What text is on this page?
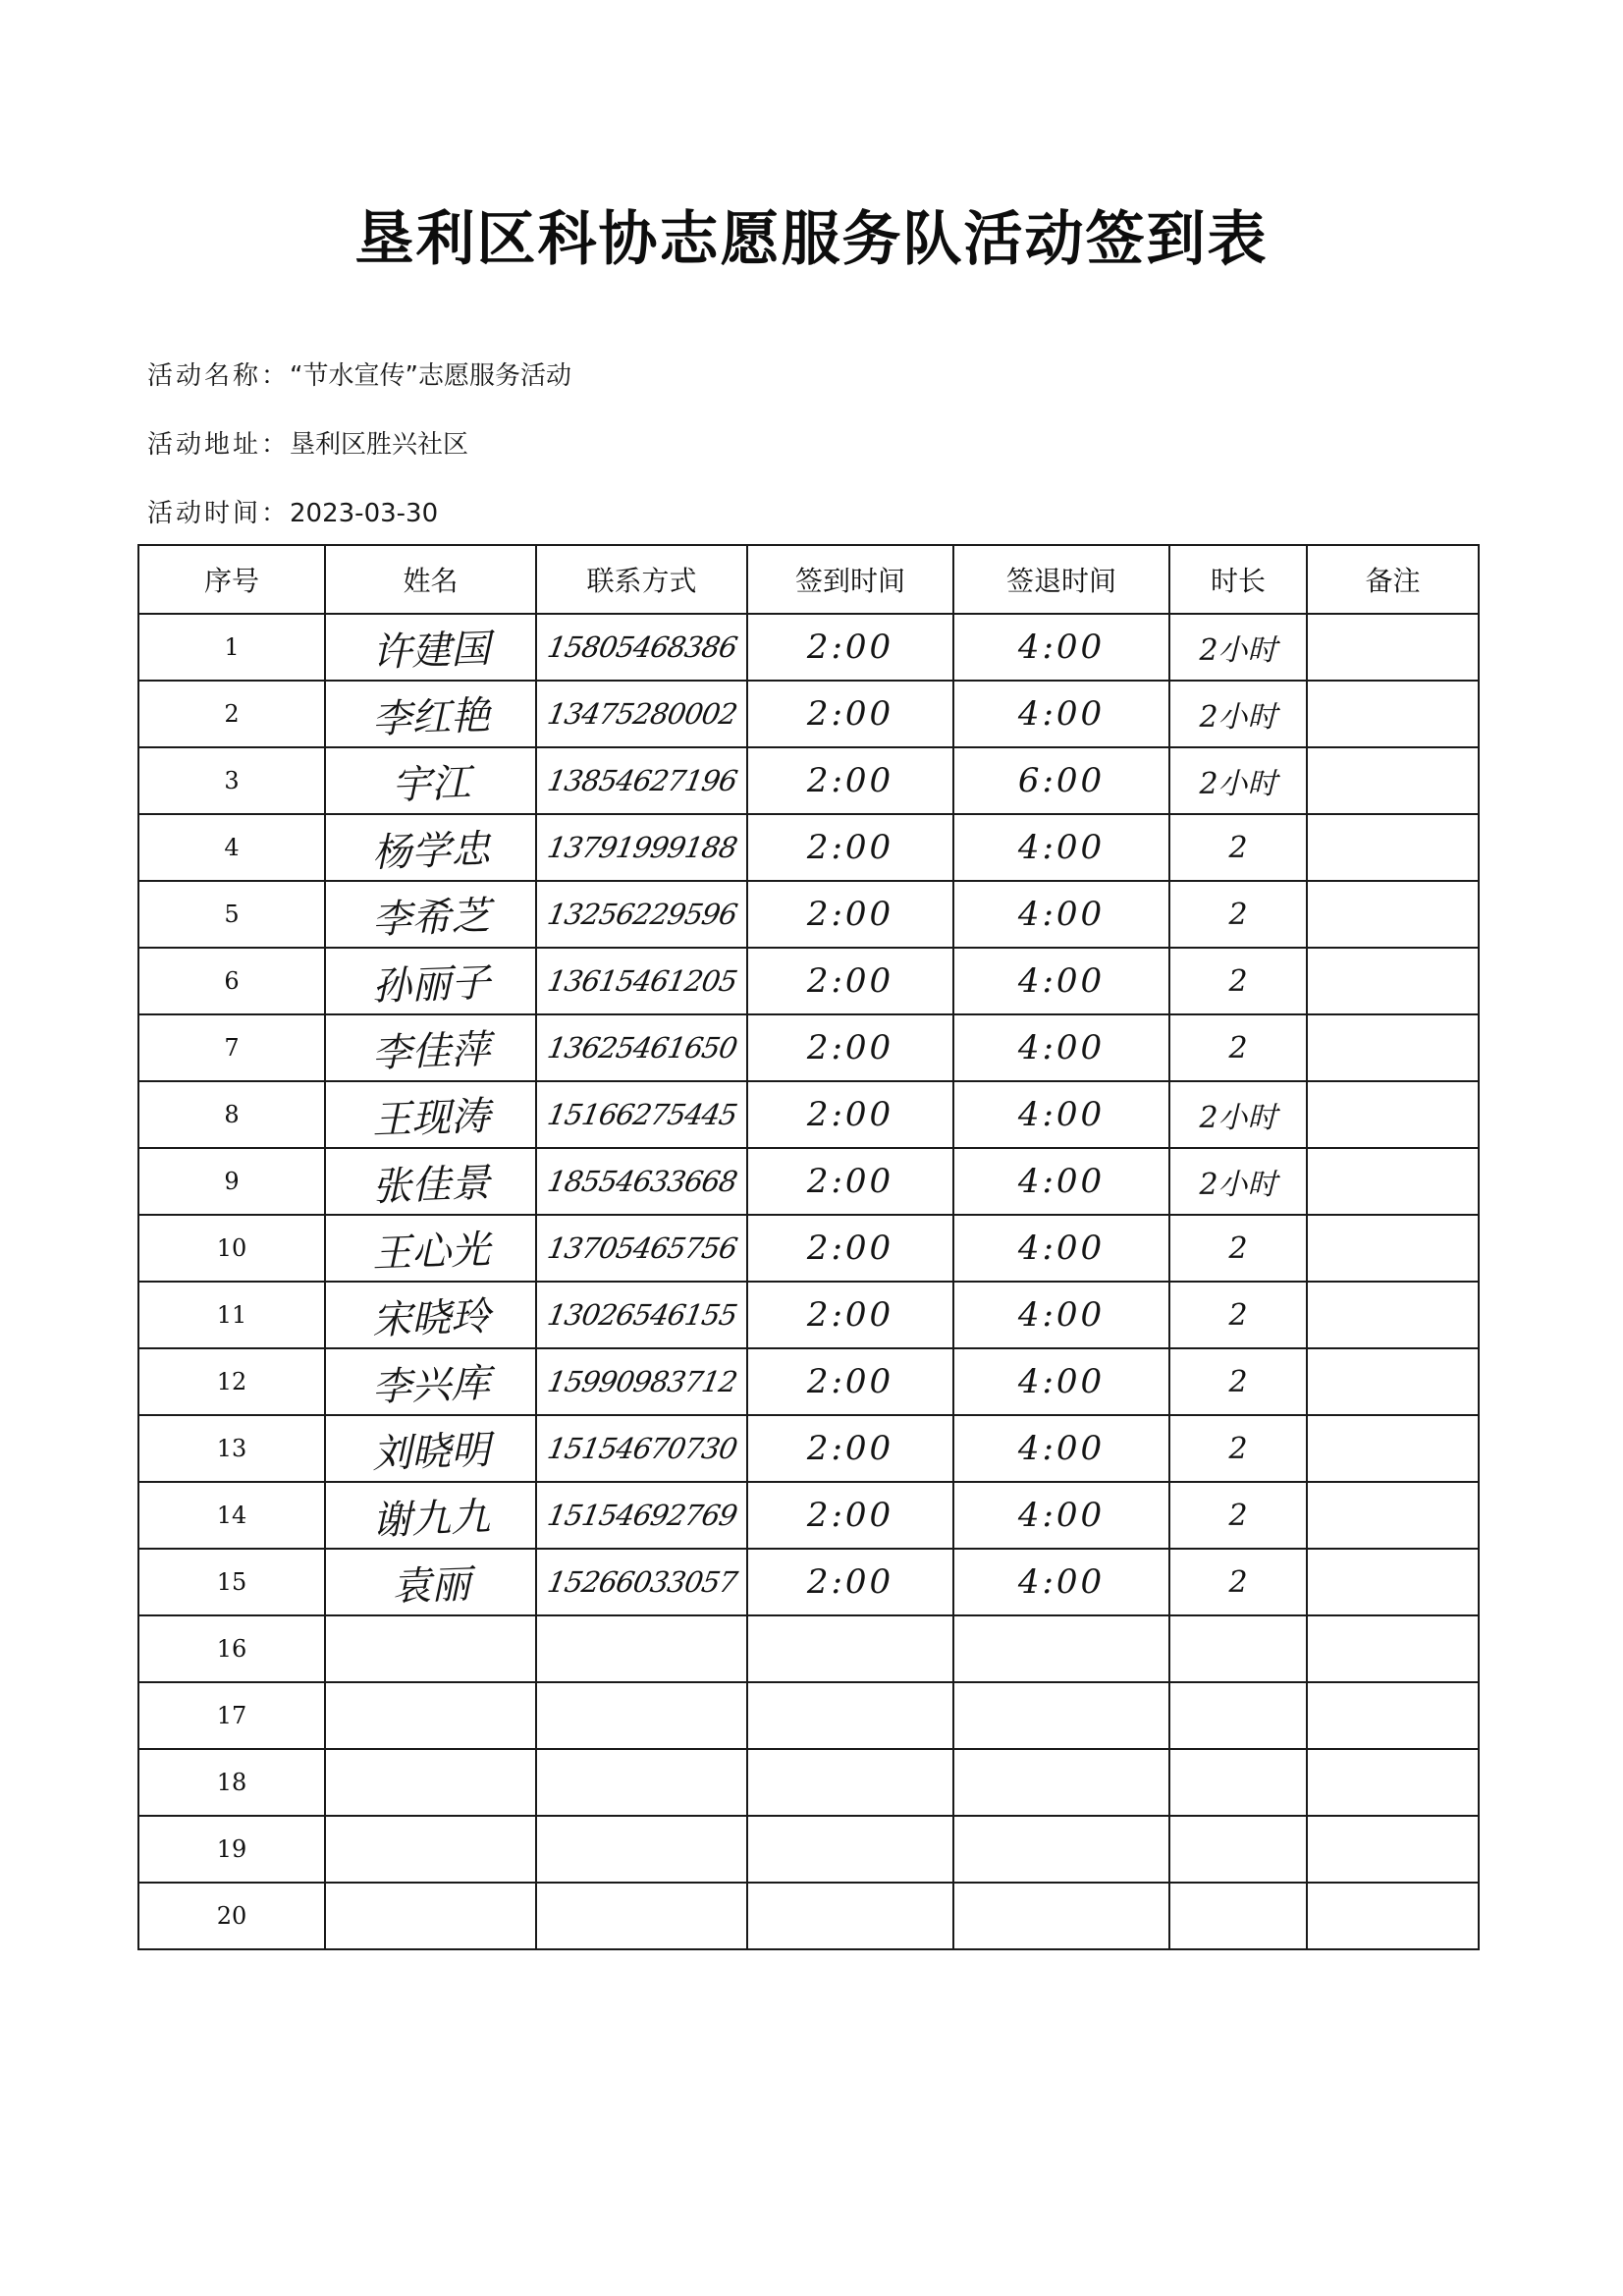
垦利区科协志愿服务队活动签到表
活动名称：“节水宣传”志愿服务活动
活动地址：垦利区胜兴社区
活动时间：2023-03-30
序号	姓名	联系方式	签到时间	签退时间	时长	备注
1	许建国	15805468386	2:00	4:00	2小时	
2	李红艳	13475280002	2:00	4:00	2小时	
3	宇江	13854627196	2:00	6:00	2小时	
4	杨学忠	13791999188	2:00	4:00	2	
5	李希芝	13256229596	2:00	4:00	2	
6	孙丽子	13615461205	2:00	4:00	2	
7	李佳萍	13625461650	2:00	4:00	2	
8	王现涛	15166275445	2:00	4:00	2小时	
9	张佳景	18554633668	2:00	4:00	2小时	
10	王心光	13705465756	2:00	4:00	2	
11	宋晓玲	13026546155	2:00	4:00	2	
12	李兴库	15990983712	2:00	4:00	2	
13	刘晓明	15154670730	2:00	4:00	2	
14	谢九九	15154692769	2:00	4:00	2	
15	袁丽	15266033057	2:00	4:00	2	
16						
17						
18						
19						
20						
